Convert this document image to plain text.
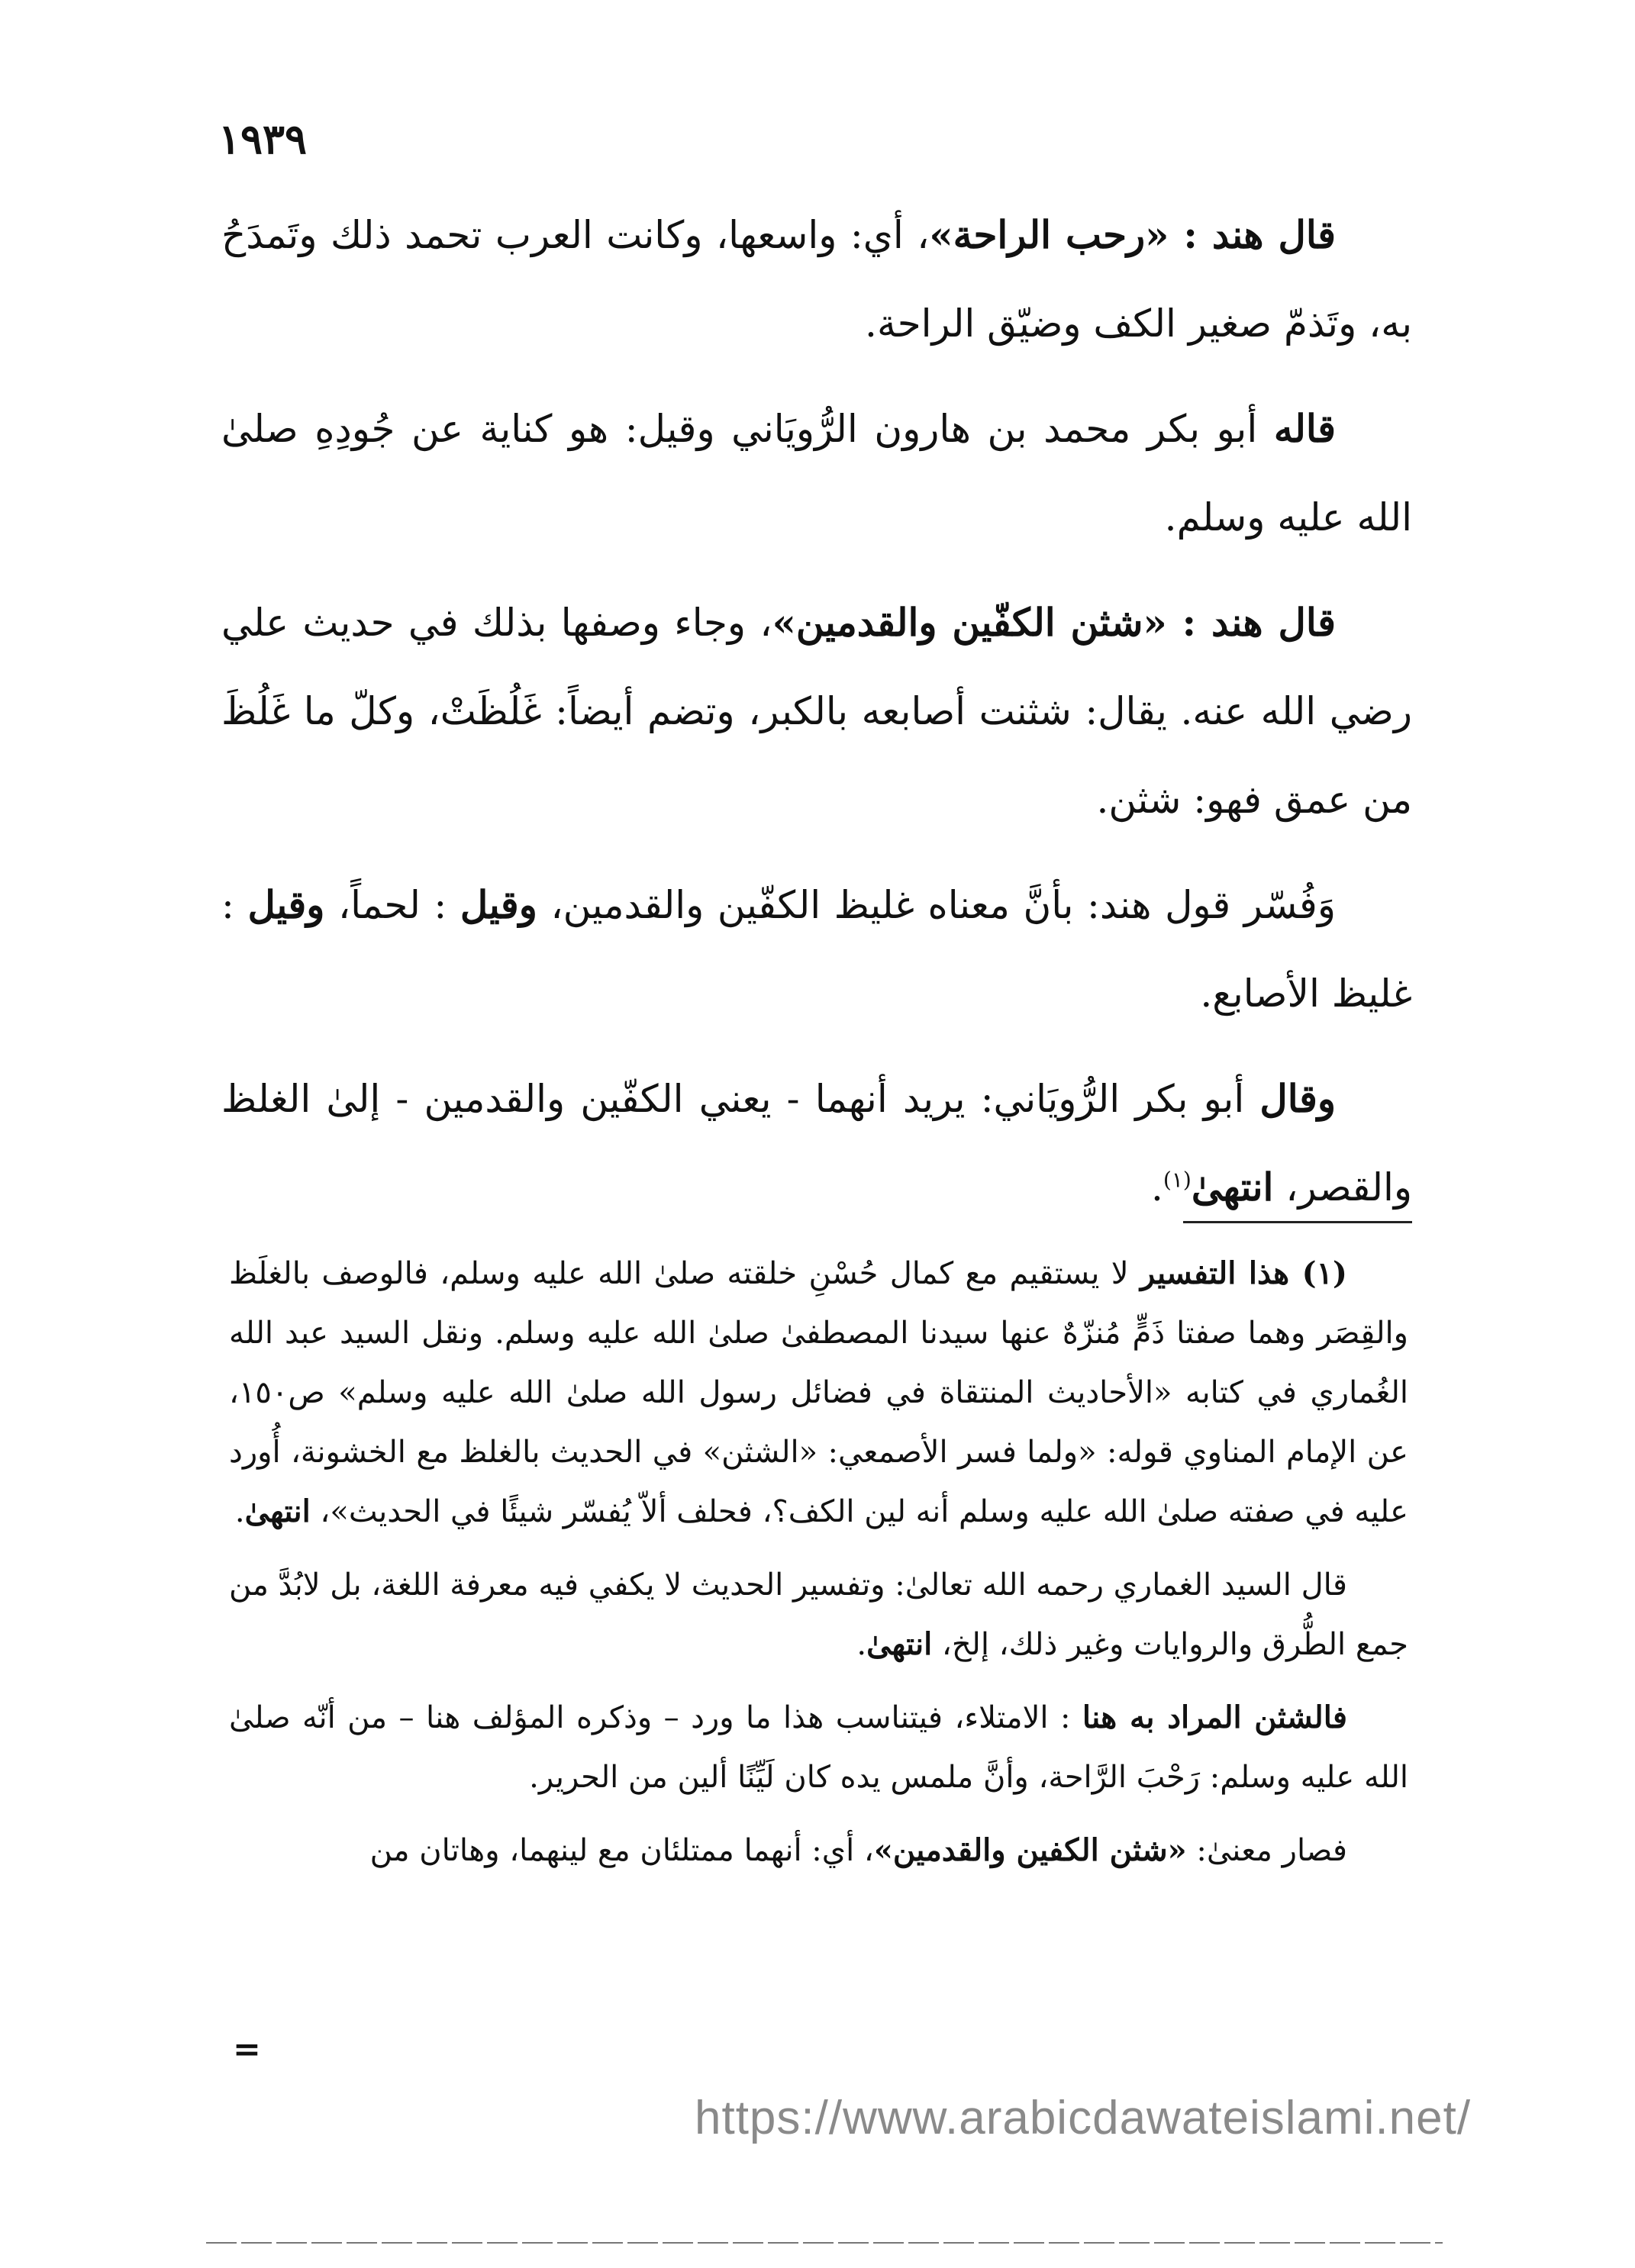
١٩٣٩

قال هند : «رحب الراحة»، أي: واسعها، وكانت العرب تحمد ذلك وتَمدَحُ به، وتَذمّ صغير الكف وضيّق الراحة.

قاله أبو بكر محمد بن هارون الرُّويَاني وقيل: هو كناية عن جُودِهِ صلىٰ الله عليه وسلم.

قال هند : «شثن الكفّين والقدمين»، وجاء وصفها بذلك في حديث علي رضي الله عنه. يقال: شثنت أصابعه بالكبر، وتضم أيضاً: غَلُظَتْ، وكلّ ما غَلُظَ من عمق فهو: شثن.

وَفُسّر قول هند: بأنَّ معناه غليظ الكفّين والقدمين، وقيل : لحماً، وقيل : غليظ الأصابع.

وقال أبو بكر الرُّويَاني: يريد أنهما - يعني الكفّين والقدمين - إلىٰ الغلظ والقصر، انتهىٰ$^{(١)}$.

(١) هذا التفسير لا يستقيم مع كمال حُسْنِ خلقته صلىٰ الله عليه وسلم، فالوصف بالغلَظ والقِصَر وهما صفتا ذَمٍّ مُنزّهٌ عنها سيدنا المصطفىٰ صلىٰ الله عليه وسلم. ونقل السيد عبد الله الغُماري في كتابه «الأحاديث المنتقاة في فضائل رسول الله صلىٰ الله عليه وسلم» ص١٥٠، عن الإمام المناوي قوله: «ولما فسر الأصمعي: «الشثن» في الحديث بالغلظ مع الخشونة، أُورد عليه في صفته صلىٰ الله عليه وسلم أنه لين الكف؟، فحلف ألاّ يُفسّر شيئًا في الحديث»، انتهىٰ.

قال السيد الغماري رحمه الله تعالىٰ: وتفسير الحديث لا يكفي فيه معرفة اللغة، بل لابُدَّ من جمع الطُّرق والروايات وغير ذلك، إلخ، انتهىٰ.

فالشثن المراد به هنا : الامتلاء، فيتناسب هذا ما ورد – وذكره المؤلف هنا – من أنّه صلىٰ الله عليه وسلم: رَحْبَ الرَّاحة، وأنَّ ملمس يده كان لَيِّنًا ألين من الحرير.

فصار معنىٰ: «شثن الكفين والقدمين»، أي: أنهما ممتلئان مع لينهما، وهاتان من

=
https://www.arabicdawateislami.net/
